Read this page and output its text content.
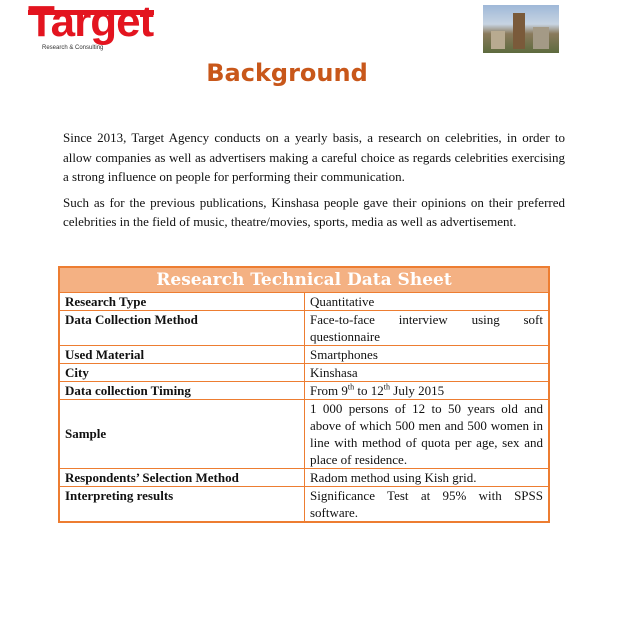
Target
Research & Consulting
Background

Since 2013, Target Agency conducts on a yearly basis, a research on celebrities, in order to allow companies as well as advertisers making a careful choice as regards celebrities exercising a strong influence on people for performing their communication.

Such as for the previous publications, Kinshasa people gave their opinions on their preferred celebrities in the field of music, theatre/movies, sports, media as well as advertisement.

Research Technical Data Sheet	
Research Type	Quantitative
Data Collection Method	Face-to-face interview using soft questionnaire
Used Material	Smartphones
City	Kinshasa
Data collection Timing	From 9th to 12th July 2015
Sample	1 000 persons of 12 to 50 years old and above of which 500 men and 500 women in line with method of quota per age, sex and place of residence.
Respondents’ Selection Method	Radom method using Kish grid.
Interpreting results	Significance Test at 95% with SPSS software.
